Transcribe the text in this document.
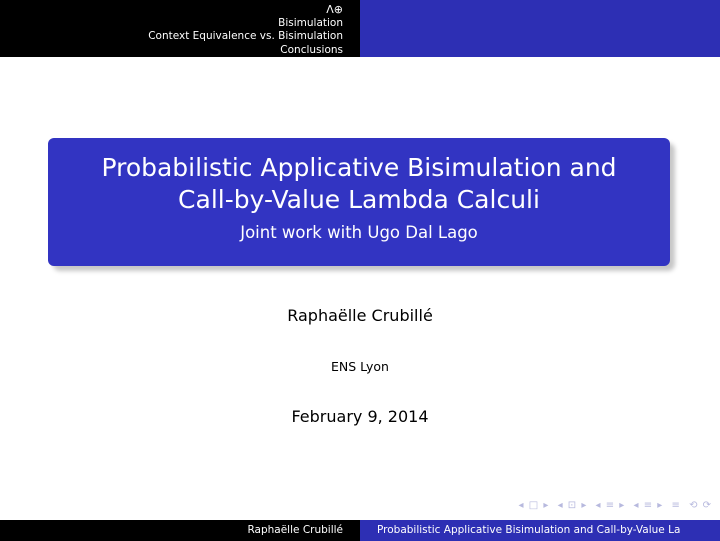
Λ⊕
Bisimulation
Context Equivalence vs. Bisimulation
Conclusions
Probabilistic Applicative Bisimulation and
Call-by-Value Lambda Calculi
Joint work with Ugo Dal Lago
Raphaëlle Crubillé
ENS Lyon
February 9, 2014
◂ □ ▸ ◂ ⊡ ▸ ◂ ≡ ▸ ◂ ≡ ▸ ≡ ⟲ ⟳
Raphaëlle Crubillé	Probabilistic Applicative Bisimulation and Call-by-Value La
